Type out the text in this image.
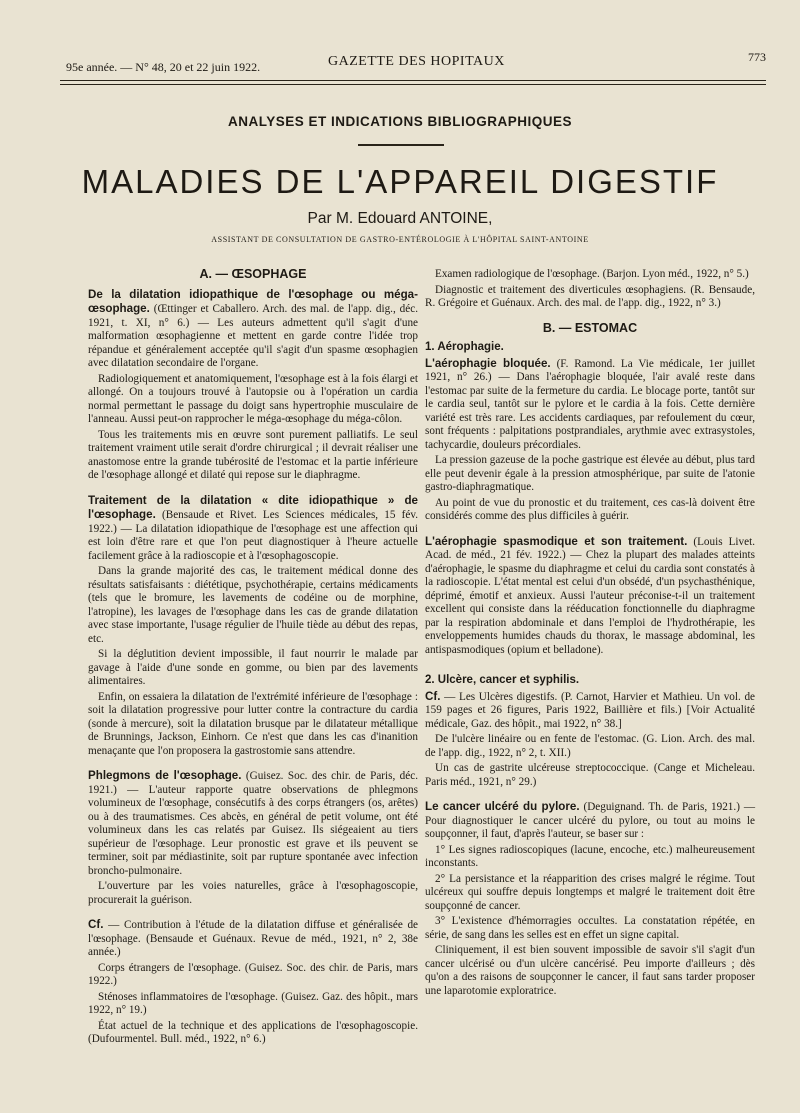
95e année. — N° 48, 20 et 22 juin 1922.	GAZETTE DES HOPITAUX	773
ANALYSES ET INDICATIONS BIBLIOGRAPHIQUES
MALADIES DE L'APPAREIL DIGESTIF
Par M. Edouard ANTOINE,
ASSISTANT DE CONSULTATION DE GASTRO-ENTÉROLOGIE À L'HÔPITAL SAINT-ANTOINE
A. — ŒSOPHAGE

De la dilatation idiopathique de l'œsophage ou méga-œsophage. (Œttinger et Caballero. Arch. des mal. de l'app. dig., déc. 1921, t. XI, n° 6.) — Les auteurs admettent qu'il s'agit d'une malformation œsophagienne et mettent en garde contre l'idée trop répandue et généralement acceptée qu'il s'agit d'un spasme œsophagien avec dilatation secondaire de l'organe.

Radiologiquement et anatomiquement, l'œsophage est à la fois élargi et allongé. On a toujours trouvé à l'autopsie ou à l'opération un cardia normal permettant le passage du doigt sans hypertrophie musculaire de l'anneau. Aussi peut-on rapprocher le méga-œsophage du méga-côlon.

Tous les traitements mis en œuvre sont purement palliatifs. Le seul traitement vraiment utile serait d'ordre chirurgical ; il devrait réaliser une anastomose entre la grande tubérosité de l'estomac et la partie inférieure de l'œsophage allongé et dilaté qui repose sur le diaphragme.

Traitement de la dilatation « dite idiopathique » de l'œsophage. (Bensaude et Rivet. Les Sciences médicales, 15 fév. 1922.) — La dilatation idiopathique de l'œsophage est une affection qui est loin d'être rare et que l'on peut diagnostiquer à l'heure actuelle facilement grâce à la radioscopie et à l'œsophagoscopie.

Dans la grande majorité des cas, le traitement médical donne des résultats satisfaisants : diététique, psychothérapie, certains médicaments (tels que le bromure, les lavements de codéine ou de morphine, l'atropine), les lavages de l'œsophage dans les cas de grande dilatation avec stase importante, l'usage régulier de l'huile tiède au début des repas, etc.

Si la déglutition devient impossible, il faut nourrir le malade par gavage à l'aide d'une sonde en gomme, ou bien par des lavements alimentaires.

Enfin, on essaiera la dilatation de l'extrémité inférieure de l'œsophage : soit la dilatation progressive pour lutter contre la contracture du cardia (sonde à mercure), soit la dilatation brusque par le dilatateur métallique de Brunnings, Jackson, Einhorn. Ce n'est que dans les cas d'inanition menaçante que l'on proposera la gastrostomie sans attendre.

Phlegmons de l'œsophage. (Guisez. Soc. des chir. de Paris, déc. 1921.) — L'auteur rapporte quatre observations de phlegmons volumineux de l'œsophage, consécutifs à des corps étrangers (os, arêtes) ou à des traumatismes. Ces abcès, en général de petit volume, ont été volumineux dans les cas relatés par Guisez. Ils siégeaient au tiers supérieur de l'œsophage. Leur pronostic est grave et ils peuvent se terminer, soit par médiastinite, soit par rupture spontanée avec infection broncho-pulmonaire.

L'ouverture par les voies naturelles, grâce à l'œsophagoscopie, procurerait la guérison.

Cf. — Contribution à l'étude de la dilatation diffuse et généralisée de l'œsophage. (Bensaude et Guénaux. Revue de méd., 1921, n° 2, 38e année.)

Corps étrangers de l'œsophage. (Guisez. Soc. des chir. de Paris, mars 1922.)

Sténoses inflammatoires de l'œsophage. (Guisez. Gaz. des hôpit., mars 1922, n° 19.)

État actuel de la technique et des applications de l'œsophagoscopie. (Dufourmentel. Bull. méd., 1922, n° 6.)

Examen radiologique de l'œsophage. (Barjon. Lyon méd., 1922, n° 5.)

Diagnostic et traitement des diverticules œsophagiens. (R. Bensaude, R. Grégoire et Guénaux. Arch. des mal. de l'app. dig., 1922, n° 3.)

B. — ESTOMAC
1. Aérophagie.

L'aérophagie bloquée. (F. Ramond. La Vie médicale, 1er juillet 1921, n° 26.) — Dans l'aérophagie bloquée, l'air avalé reste dans l'estomac par suite de la fermeture du cardia. Le blocage porte, tantôt sur le cardia seul, tantôt sur le pylore et le cardia à la fois. Cette dernière variété est très rare. Les accidents cardiaques, par refoulement du cœur, sont fréquents : palpitations postprandiales, arythmie avec extrasystoles, tachycardie, douleurs précordiales.

La pression gazeuse de la poche gastrique est élevée au début, plus tard elle peut devenir égale à la pression atmosphérique, par suite de l'atonie gastro-diaphragmatique.

Au point de vue du pronostic et du traitement, ces cas-là doivent être considérés comme des plus difficiles à guérir.

L'aérophagie spasmodique et son traitement. (Louis Livet. Acad. de méd., 21 fév. 1922.) — Chez la plupart des malades atteints d'aérophagie, le spasme du diaphragme et celui du cardia sont constatés à la radioscopie. L'état mental est celui d'un obsédé, d'un psychasthénique, déprimé, émotif et anxieux. Aussi l'auteur préconise-t-il un traitement excellent qui consiste dans la rééducation fonctionnelle du diaphragme par la respiration abdominale et dans l'emploi de l'hydrothérapie, les enveloppements humides chauds du thorax, le massage abdominal, les antispasmodiques (opium et belladone).

2. Ulcère, cancer et syphilis.

Cf. — Les Ulcères digestifs. (P. Carnot, Harvier et Mathieu. Un vol. de 159 pages et 26 figures, Paris 1922, Baillière et fils.) [Voir Actualité médicale, Gaz. des hôpit., mai 1922, n° 38.]

De l'ulcère linéaire ou en fente de l'estomac. (G. Lion. Arch. des mal. de l'app. dig., 1922, n° 2, t. XII.)

Un cas de gastrite ulcéreuse streptococcique. (Cange et Micheleau. Paris méd., 1921, n° 29.)

Le cancer ulcéré du pylore. (Deguignand. Th. de Paris, 1921.) — Pour diagnostiquer le cancer ulcéré du pylore, ou tout au moins le soupçonner, il faut, d'après l'auteur, se baser sur :

1° Les signes radioscopiques (lacune, encoche, etc.) malheureusement inconstants.

2° La persistance et la réapparition des crises malgré le régime. Tout ulcéreux qui souffre depuis longtemps et malgré le traitement doit être soupçonné de cancer.

3° L'existence d'hémorragies occultes. La constatation répétée, en série, de sang dans les selles est en effet un signe capital.

Cliniquement, il est bien souvent impossible de savoir s'il s'agit d'un cancer ulcérisé ou d'un ulcère cancérisé. Peu importe d'ailleurs ; dès qu'on a des raisons de soupçonner le cancer, il faut sans tarder proposer une laparotomie exploratrice.
